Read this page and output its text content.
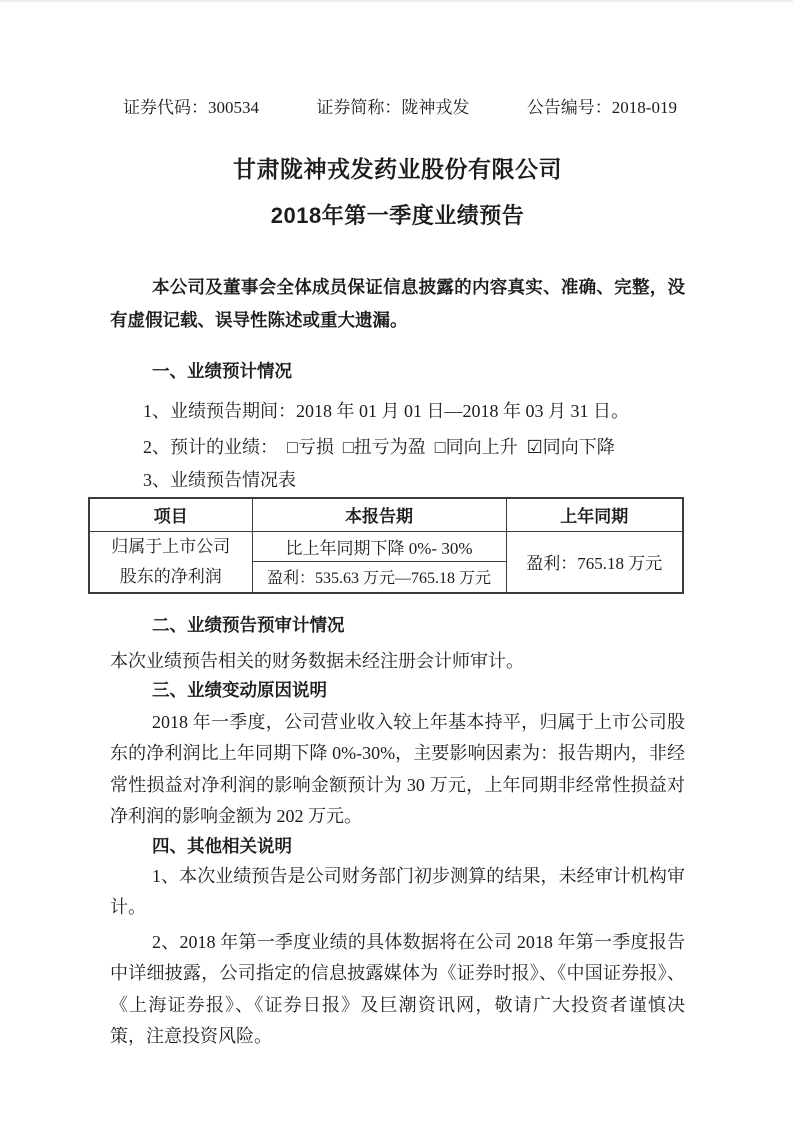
证券代码：300534	证券简称：陇神戎发	公告编号：2018-019
甘肃陇神戎发药业股份有限公司
2018年第一季度业绩预告

本公司及董事会全体成员保证信息披露的内容真实、准确、完整，没有虚假记载、误导性陈述或重大遗漏。

一、业绩预计情况

1、业绩预告期间：2018 年 01 月 01 日—2018 年 03 月 31 日。

2、预计的业绩： □亏损 □扭亏为盈 □同向上升 ☑同向下降

3、业绩预告情况表

项目	本报告期	上年同期
归属于上市公司股东的净利润	比上年同期下降 0%- 30%	盈利：765.18 万元
	盈利：535.63 万元—765.18 万元	
二、业绩预告预审计情况

本次业绩预告相关的财务数据未经注册会计师审计。

三、业绩变动原因说明

2018 年一季度，公司营业收入较上年基本持平，归属于上市公司股东的净利润比上年同期下降 0%-30%，主要影响因素为：报告期内，非经常性损益对净利润的影响金额预计为 30 万元，上年同期非经常性损益对净利润的影响金额为 202 万元。

四、其他相关说明

1、本次业绩预告是公司财务部门初步测算的结果，未经审计机构审计。

2、2018 年第一季度业绩的具体数据将在公司 2018 年第一季度报告中详细披露，公司指定的信息披露媒体为《证券时报》、《中国证券报》、《上海证券报》、《证券日报》及巨潮资讯网，敬请广大投资者谨慎决策，注意投资风险。
